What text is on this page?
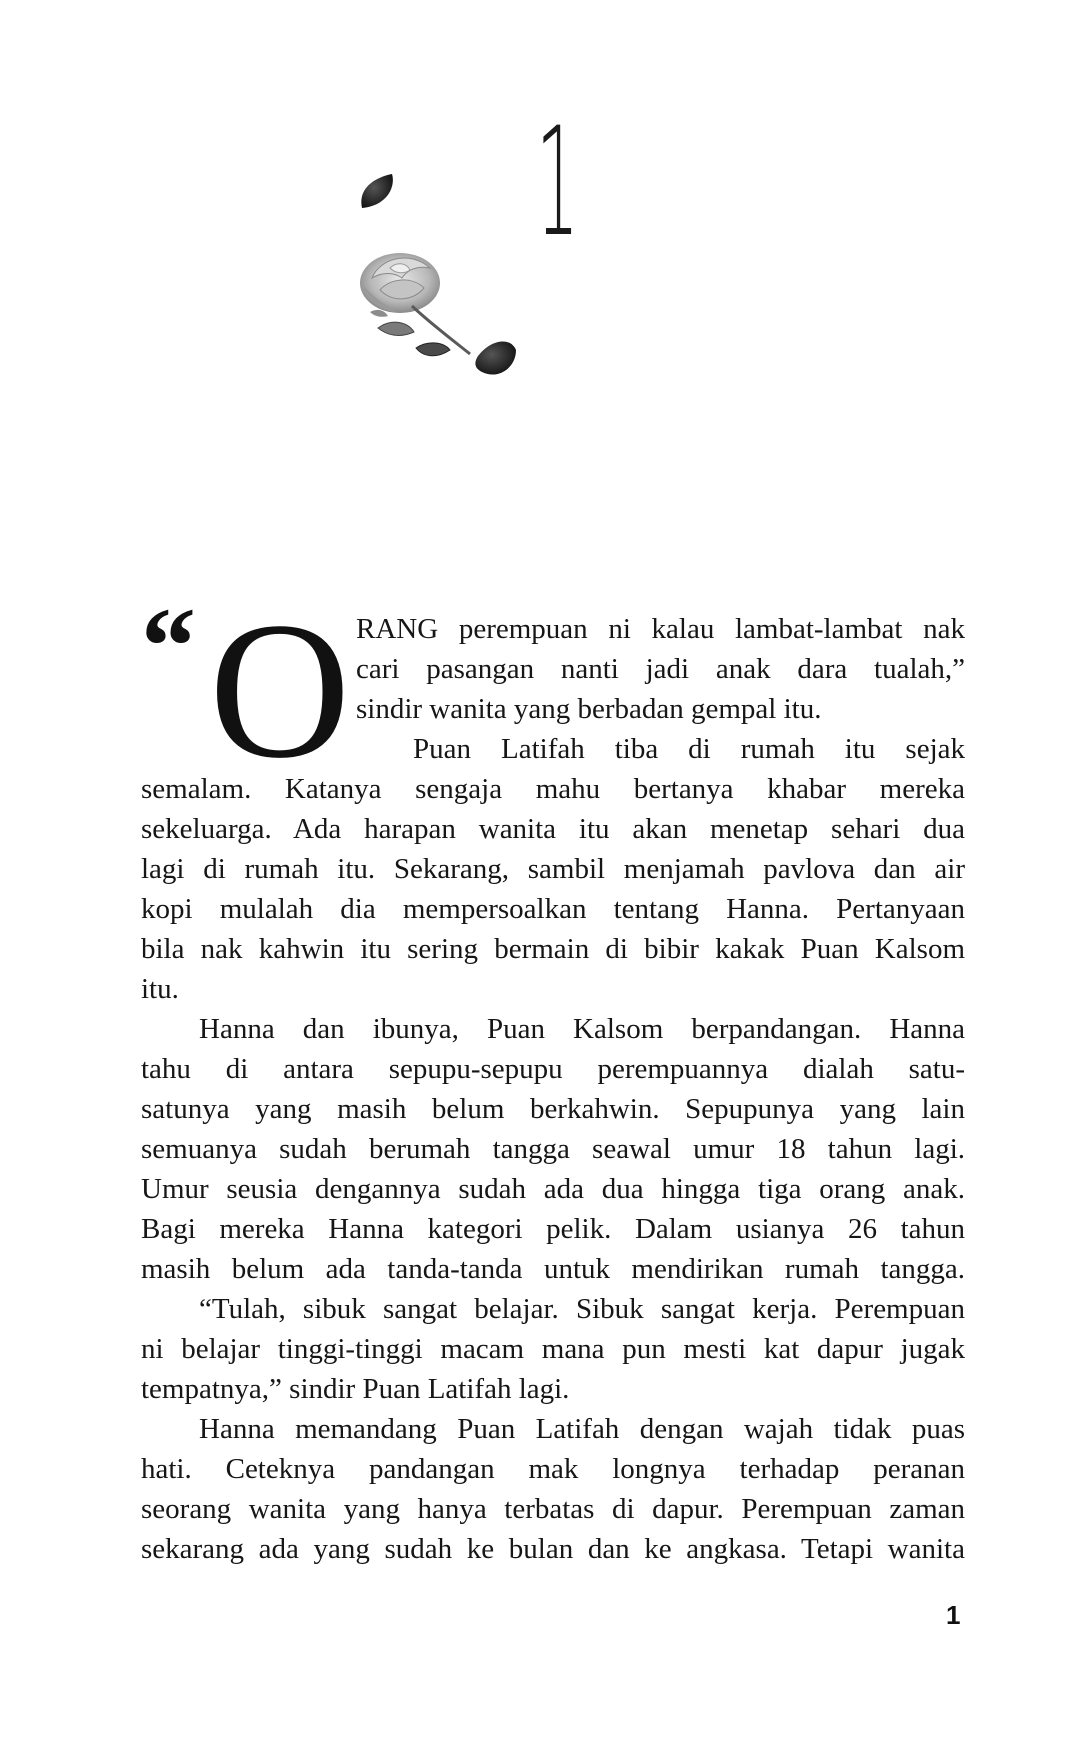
1
“ O RANG perempuan ni kalau lambat-lambat nak
cari pasangan nanti jadi anak dara tualah,”
sindir wanita yang berbadan gempal itu.
Puan Latifah tiba di rumah itu sejak
semalam. Katanya sengaja mahu bertanya khabar mereka
sekeluarga. Ada harapan wanita itu akan menetap sehari dua
lagi di rumah itu. Sekarang, sambil menjamah pavlova dan air
kopi mulalah dia mempersoalkan tentang Hanna. Pertanyaan
bila nak kahwin itu sering bermain di bibir kakak Puan Kalsom
itu.
Hanna dan ibunya, Puan Kalsom berpandangan. Hanna
tahu di antara sepupu-sepupu perempuannya dialah satu-
satunya yang masih belum berkahwin. Sepupunya yang lain
semuanya sudah berumah tangga seawal umur 18 tahun lagi.
Umur seusia dengannya sudah ada dua hingga tiga orang anak.
Bagi mereka Hanna kategori pelik. Dalam usianya 26 tahun
masih belum ada tanda-tanda untuk mendirikan rumah tangga.
“Tulah, sibuk sangat belajar. Sibuk sangat kerja. Perempuan
ni belajar tinggi-tinggi macam mana pun mesti kat dapur jugak
tempatnya,” sindir Puan Latifah lagi.
Hanna memandang Puan Latifah dengan wajah tidak puas
hati. Ceteknya pandangan mak longnya terhadap peranan
seorang wanita yang hanya terbatas di dapur. Perempuan zaman
sekarang ada yang sudah ke bulan dan ke angkasa. Tetapi wanita
1
